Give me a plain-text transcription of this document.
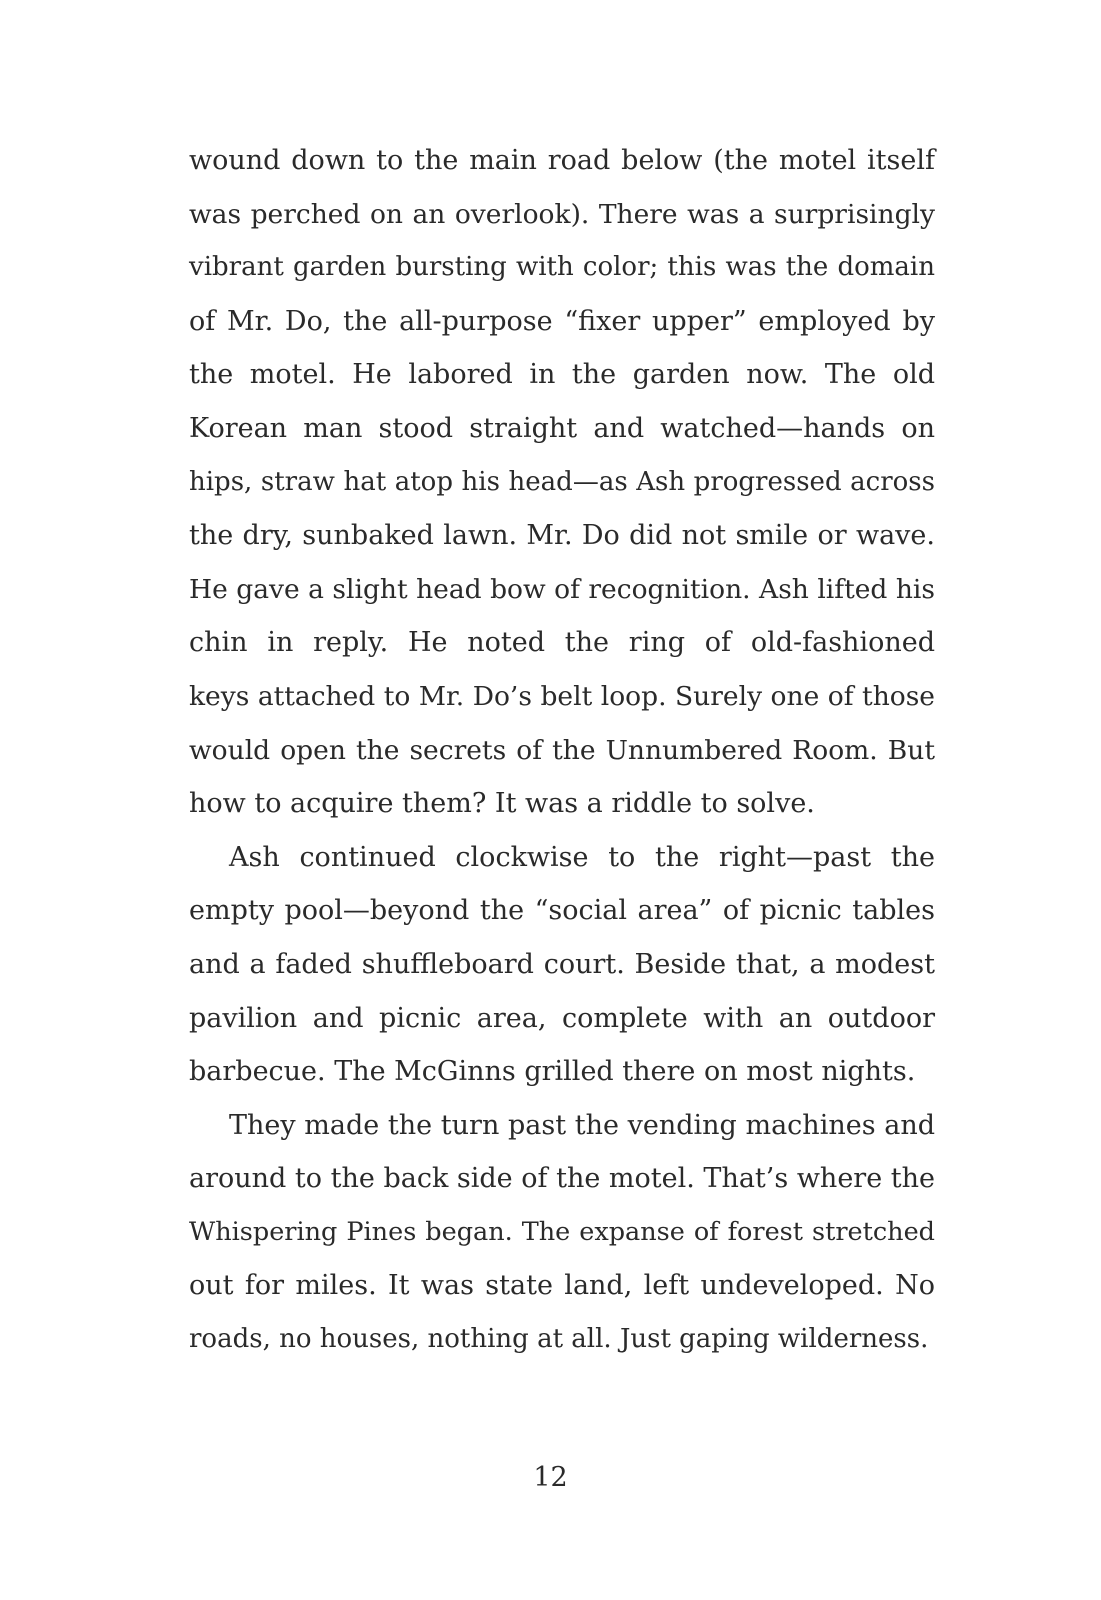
wound down to the main road below (the motel itself
was perched on an overlook). There was a surprisingly
vibrant garden bursting with color; this was the domain
of Mr. Do, the all-purpose “fixer upper” employed by
the motel. He labored in the garden now. The old
Korean man stood straight and watched—hands on
hips, straw hat atop his head—as Ash progressed across
the dry, sunbaked lawn. Mr. Do did not smile or wave.
He gave a slight head bow of recognition. Ash lifted his
chin in reply. He noted the ring of old-fashioned
keys attached to Mr. Do’s belt loop. Surely one of those
would open the secrets of the Unnumbered Room. But
how to acquire them? It was a riddle to solve.
Ash continued clockwise to the right—past the
empty pool—beyond the “social area” of picnic tables
and a faded shuffleboard court. Beside that, a modest
pavilion and picnic area, complete with an outdoor
barbecue. The McGinns grilled there on most nights.
They made the turn past the vending machines and
around to the back side of the motel. That’s where the
Whispering Pines began. The expanse of forest stretched
out for miles. It was state land, left undeveloped. No
roads, no houses, nothing at all. Just gaping wilderness.
12
